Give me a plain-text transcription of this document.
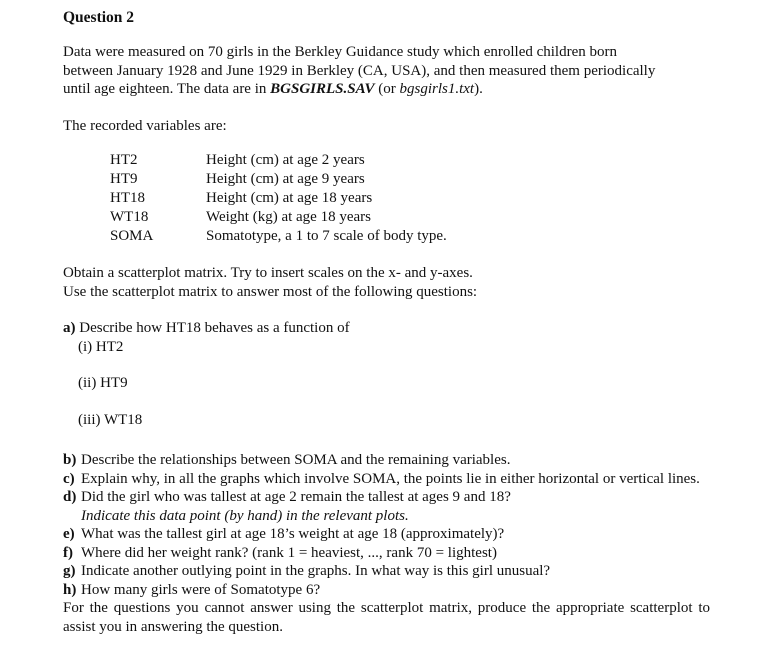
Question 2
Data were measured on 70 girls in the Berkley Guidance study which enrolled children born
between January 1928 and June 1929 in Berkley (CA, USA), and then measured them periodically
until age eighteen. The data are in BGSGIRLS.SAV (or bgsgirls1.txt).
The recorded variables are:
HT2	Height (cm) at age 2 years
HT9	Height (cm) at age 9 years
HT18	Height (cm) at age 18 years
WT18	Weight (kg) at age 18 years
SOMA	Somatotype, a 1 to 7 scale of body type.
Obtain a scatterplot matrix. Try to insert scales on the x- and y-axes.
Use the scatterplot matrix to answer most of the following questions:
a) Describe how HT18 behaves as a function of
(i) HT2
(ii) HT9
(iii) WT18
b) Describe the relationships between SOMA and the remaining variables.
c) Explain why, in all the graphs which involve SOMA, the points lie in either horizontal or vertical lines.
d) Did the girl who was tallest at age 2 remain the tallest at ages 9 and 18?
Indicate this data point (by hand) in the relevant plots.
e) What was the tallest girl at age 18’s weight at age 18 (approximately)?
f) Where did her weight rank? (rank 1 = heaviest, ..., rank 70 = lightest)
g) Indicate another outlying point in the graphs. In what way is this girl unusual?
h) How many girls were of Somatotype 6?
For the questions you cannot answer using the scatterplot matrix, produce the appropriate scatterplot to assist you in answering the question.
